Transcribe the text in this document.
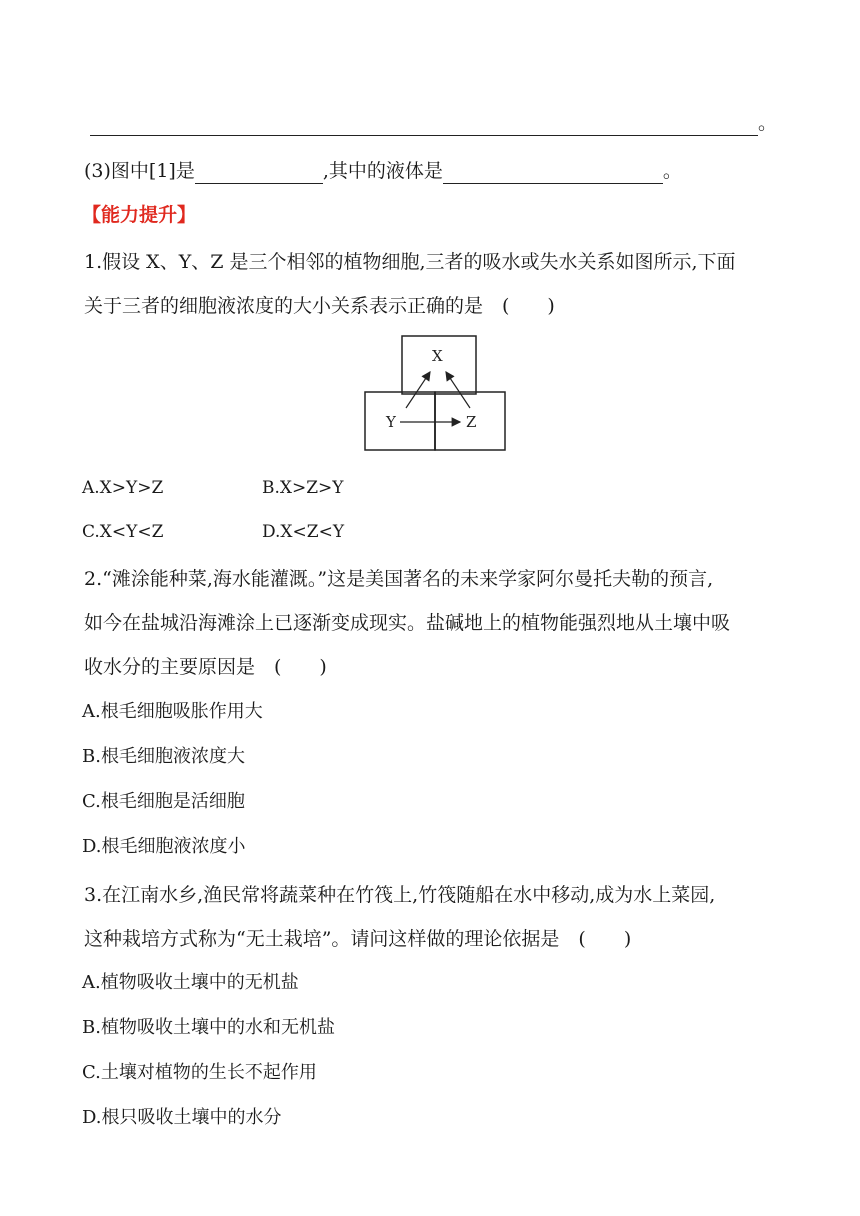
。
(3)图中[1]是	,其中的液体是	。
【能力提升】
1.假设 X、Y、Z 是三个相邻的植物细胞,三者的吸水或失水关系如图所示,下面
关于三者的细胞液浓度的大小关系表示正确的是　(　　)
X
Y	Z
A.X>Y>Z	B.X>Z>Y
C.X<Y<Z	D.X<Z<Y
2.“滩涂能种菜,海水能灌溉。”这是美国著名的未来学家阿尔曼托夫勒的预言,
如今在盐城沿海滩涂上已逐渐变成现实。盐碱地上的植物能强烈地从土壤中吸
收水分的主要原因是　(　　)
A.根毛细胞吸胀作用大
B.根毛细胞液浓度大
C.根毛细胞是活细胞
D.根毛细胞液浓度小
3.在江南水乡,渔民常将蔬菜种在竹筏上,竹筏随船在水中移动,成为水上菜园,
这种栽培方式称为“无土栽培”。请问这样做的理论依据是　(　　)
A.植物吸收土壤中的无机盐
B.植物吸收土壤中的水和无机盐
C.土壤对植物的生长不起作用
D.根只吸收土壤中的水分
